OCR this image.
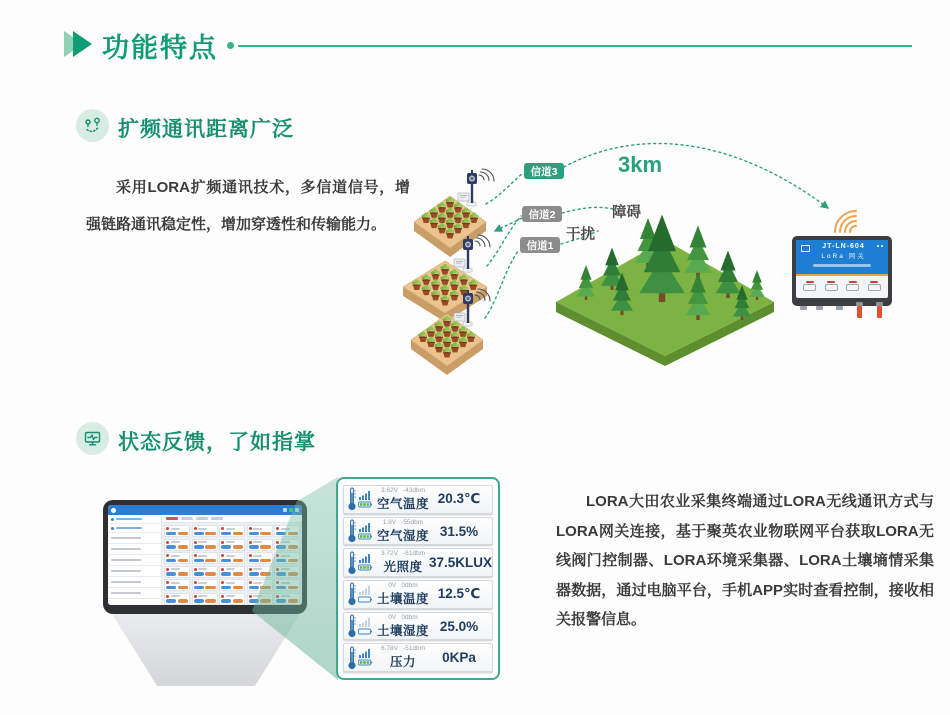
功能特点
扩频通讯距离广泛
采用LORA扩频通讯技术，多信道信号，增强链路通讯稳定性，增加穿透性和传输能力。
信道3
信道2
信道1
3km
障碍
干扰
JT-LN-604
LoRa 网关
状态反馈，了如指掌
LORA大田农业采集终端通过LORA无线通讯方式与LORA网关连接，基于聚英农业物联网平台获取LORA无线阀门控制器、LORA环境采集器、LORA土壤墒情采集器数据，通过电脑平台，手机APP实时查看控制，接收相关报警信息。
3.62V -43dbm
空气温度 20.3℃
1.8V -55dbm
空气湿度 31.5%
3.72V -61dbm
光照度 37.5KLUX
0V 0dbm
土壤温度 12.5℃
0V 0dbm
土壤湿度 25.0%
6.78V -51dbm
压力	0KPa
